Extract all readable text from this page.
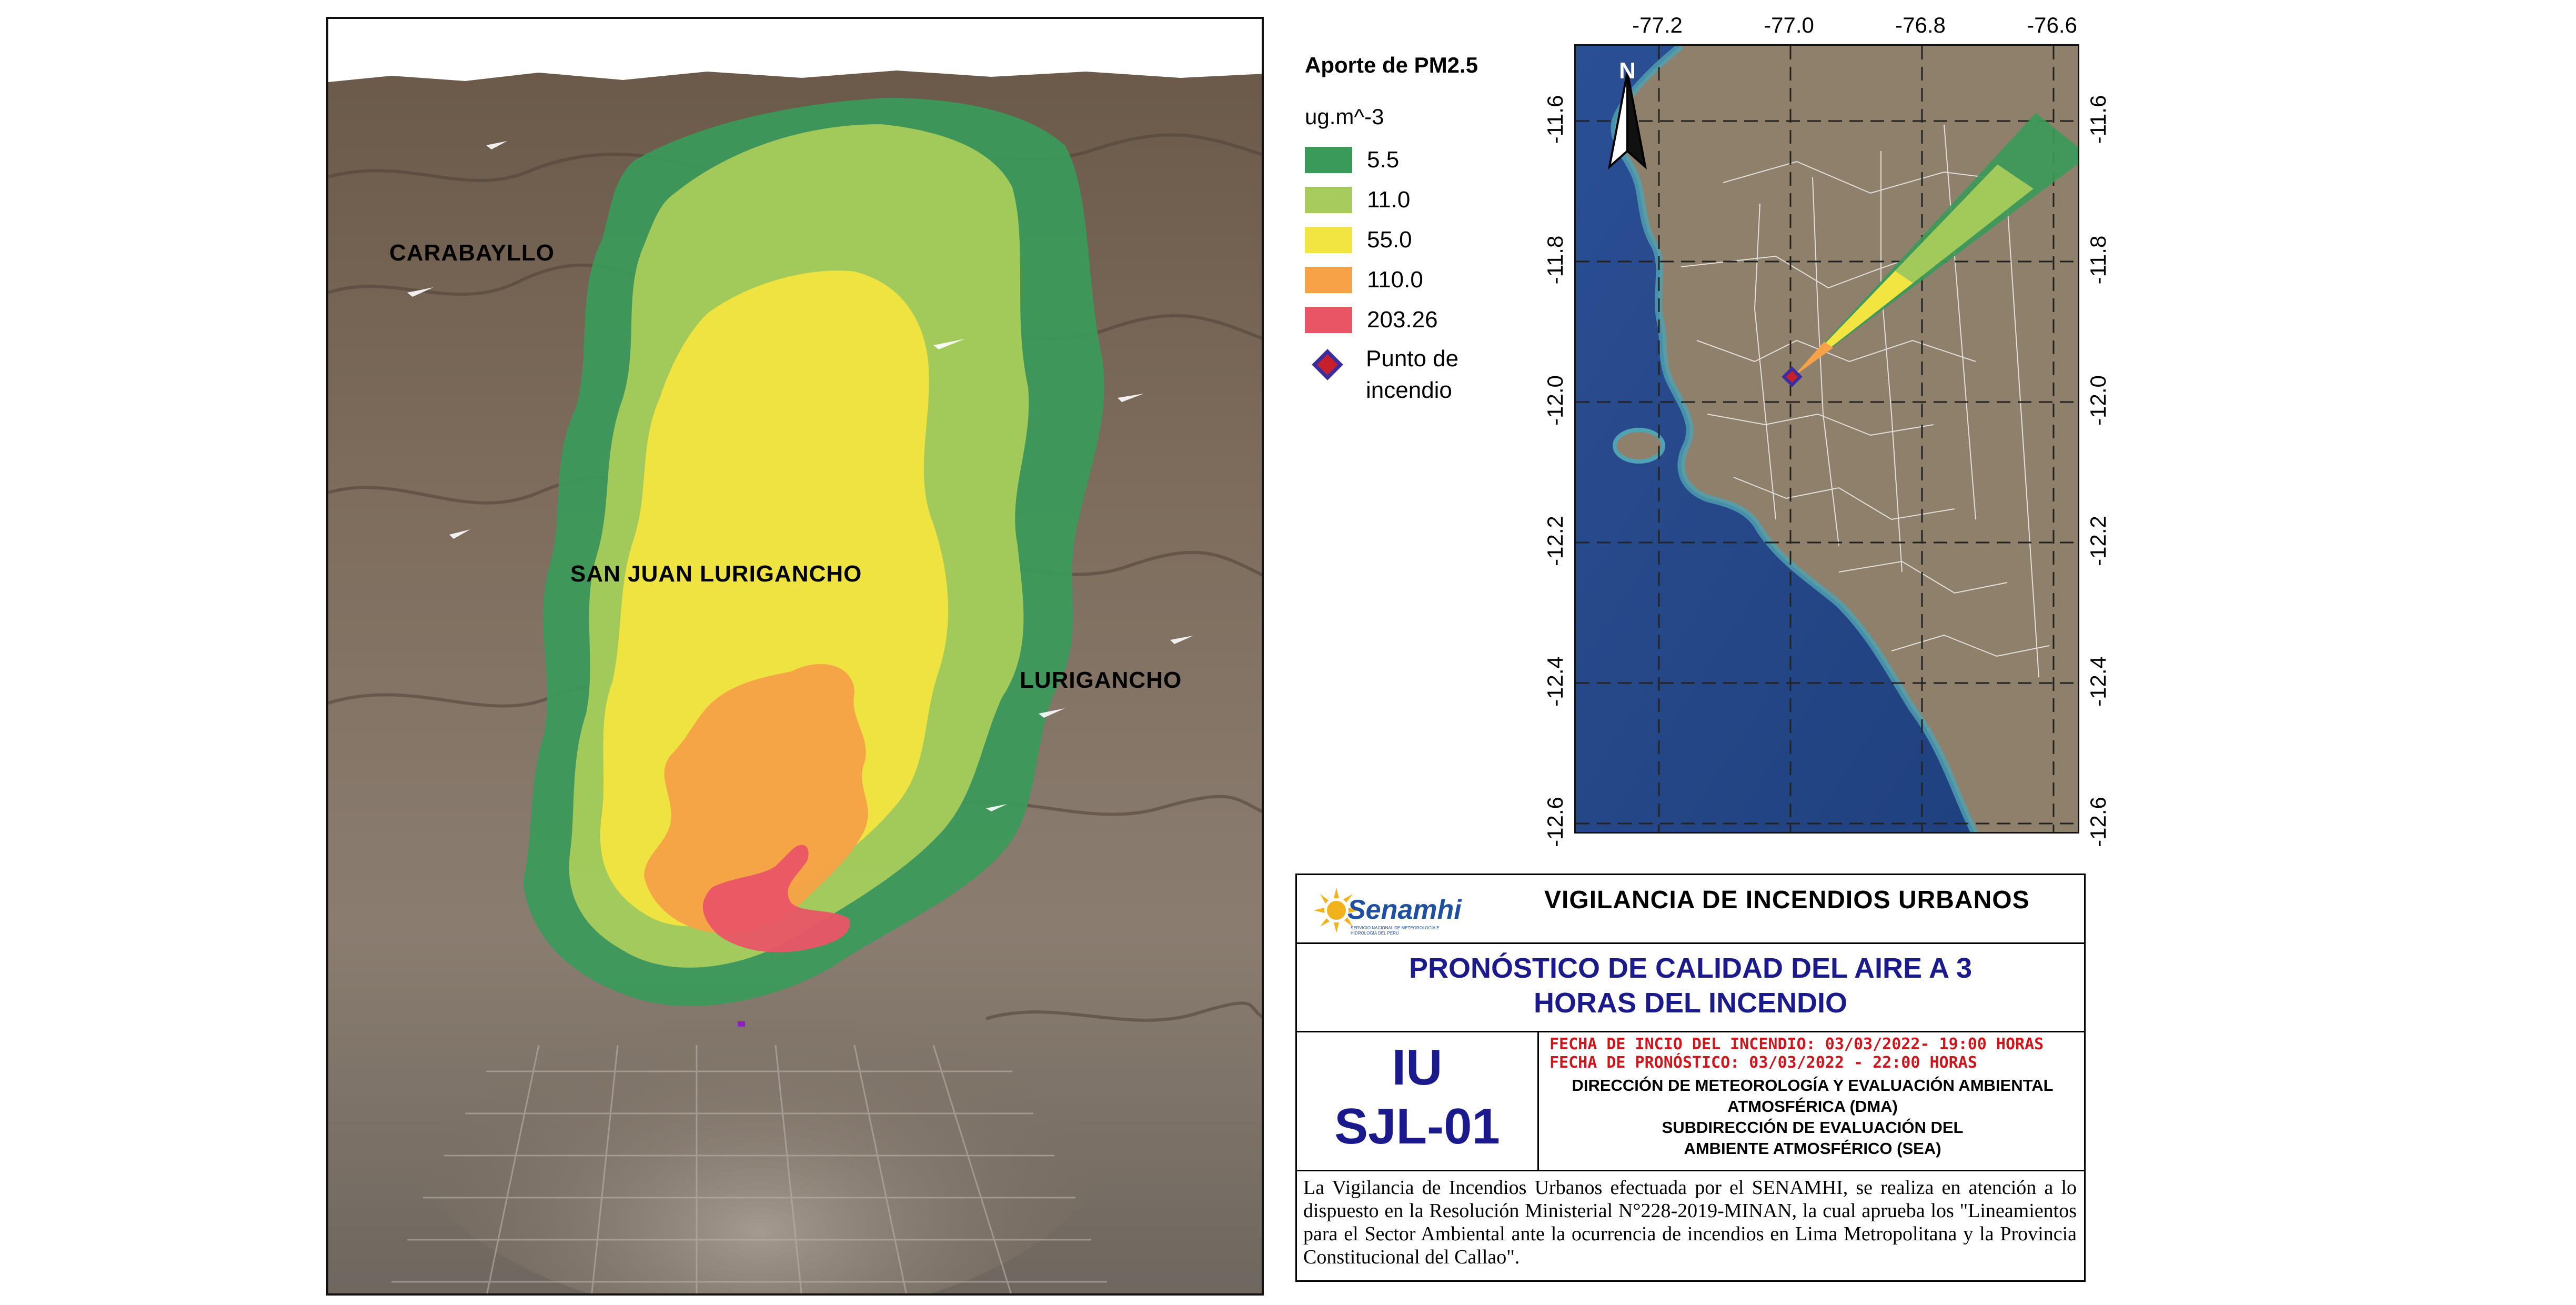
CARABAYLLO
SAN JUAN LURIGANCHO
LURIGANCHO
Aporte de PM2.5
ug.m^-3
5.5
11.0
55.0
110.0
203.26
Punto de incendio
-77.2	-77.0	-76.8	-76.6
-11.6	-11.6
-11.8	-11.8
-12.0	-12.0
-12.2	-12.2
-12.4	-12.4
-12.6	-12.6
N
Senamhi
SERVICIO NACIONAL DE METEOROLOGÍA E HIDROLOGÍA DEL PERÚ
VIGILANCIA DE INCENDIOS URBANOS
PRONÓSTICO DE CALIDAD DEL AIRE A 3
HORAS DEL INCENDIO
IU
SJL-01
FECHA DE INCIO DEL INCENDIO: 03/03/2022- 19:00 HORAS
FECHA DE PRONÓSTICO: 03/03/2022 - 22:00 HORAS
DIRECCIÓN DE METEOROLOGÍA Y EVALUACIÓN AMBIENTAL
ATMOSFÉRICA (DMA)
SUBDIRECCIÓN DE EVALUACIÓN DEL
AMBIENTE ATMOSFÉRICO (SEA)
La Vigilancia de Incendios Urbanos efectuada por el SENAMHI, se realiza en atención a lo dispuesto en la Resolución Ministerial N°228-2019-MINAN, la cual aprueba los "Lineamientos para el Sector Ambiental ante la ocurrencia de incendios en Lima Metropolitana y la Provincia Constitucional del Callao".
